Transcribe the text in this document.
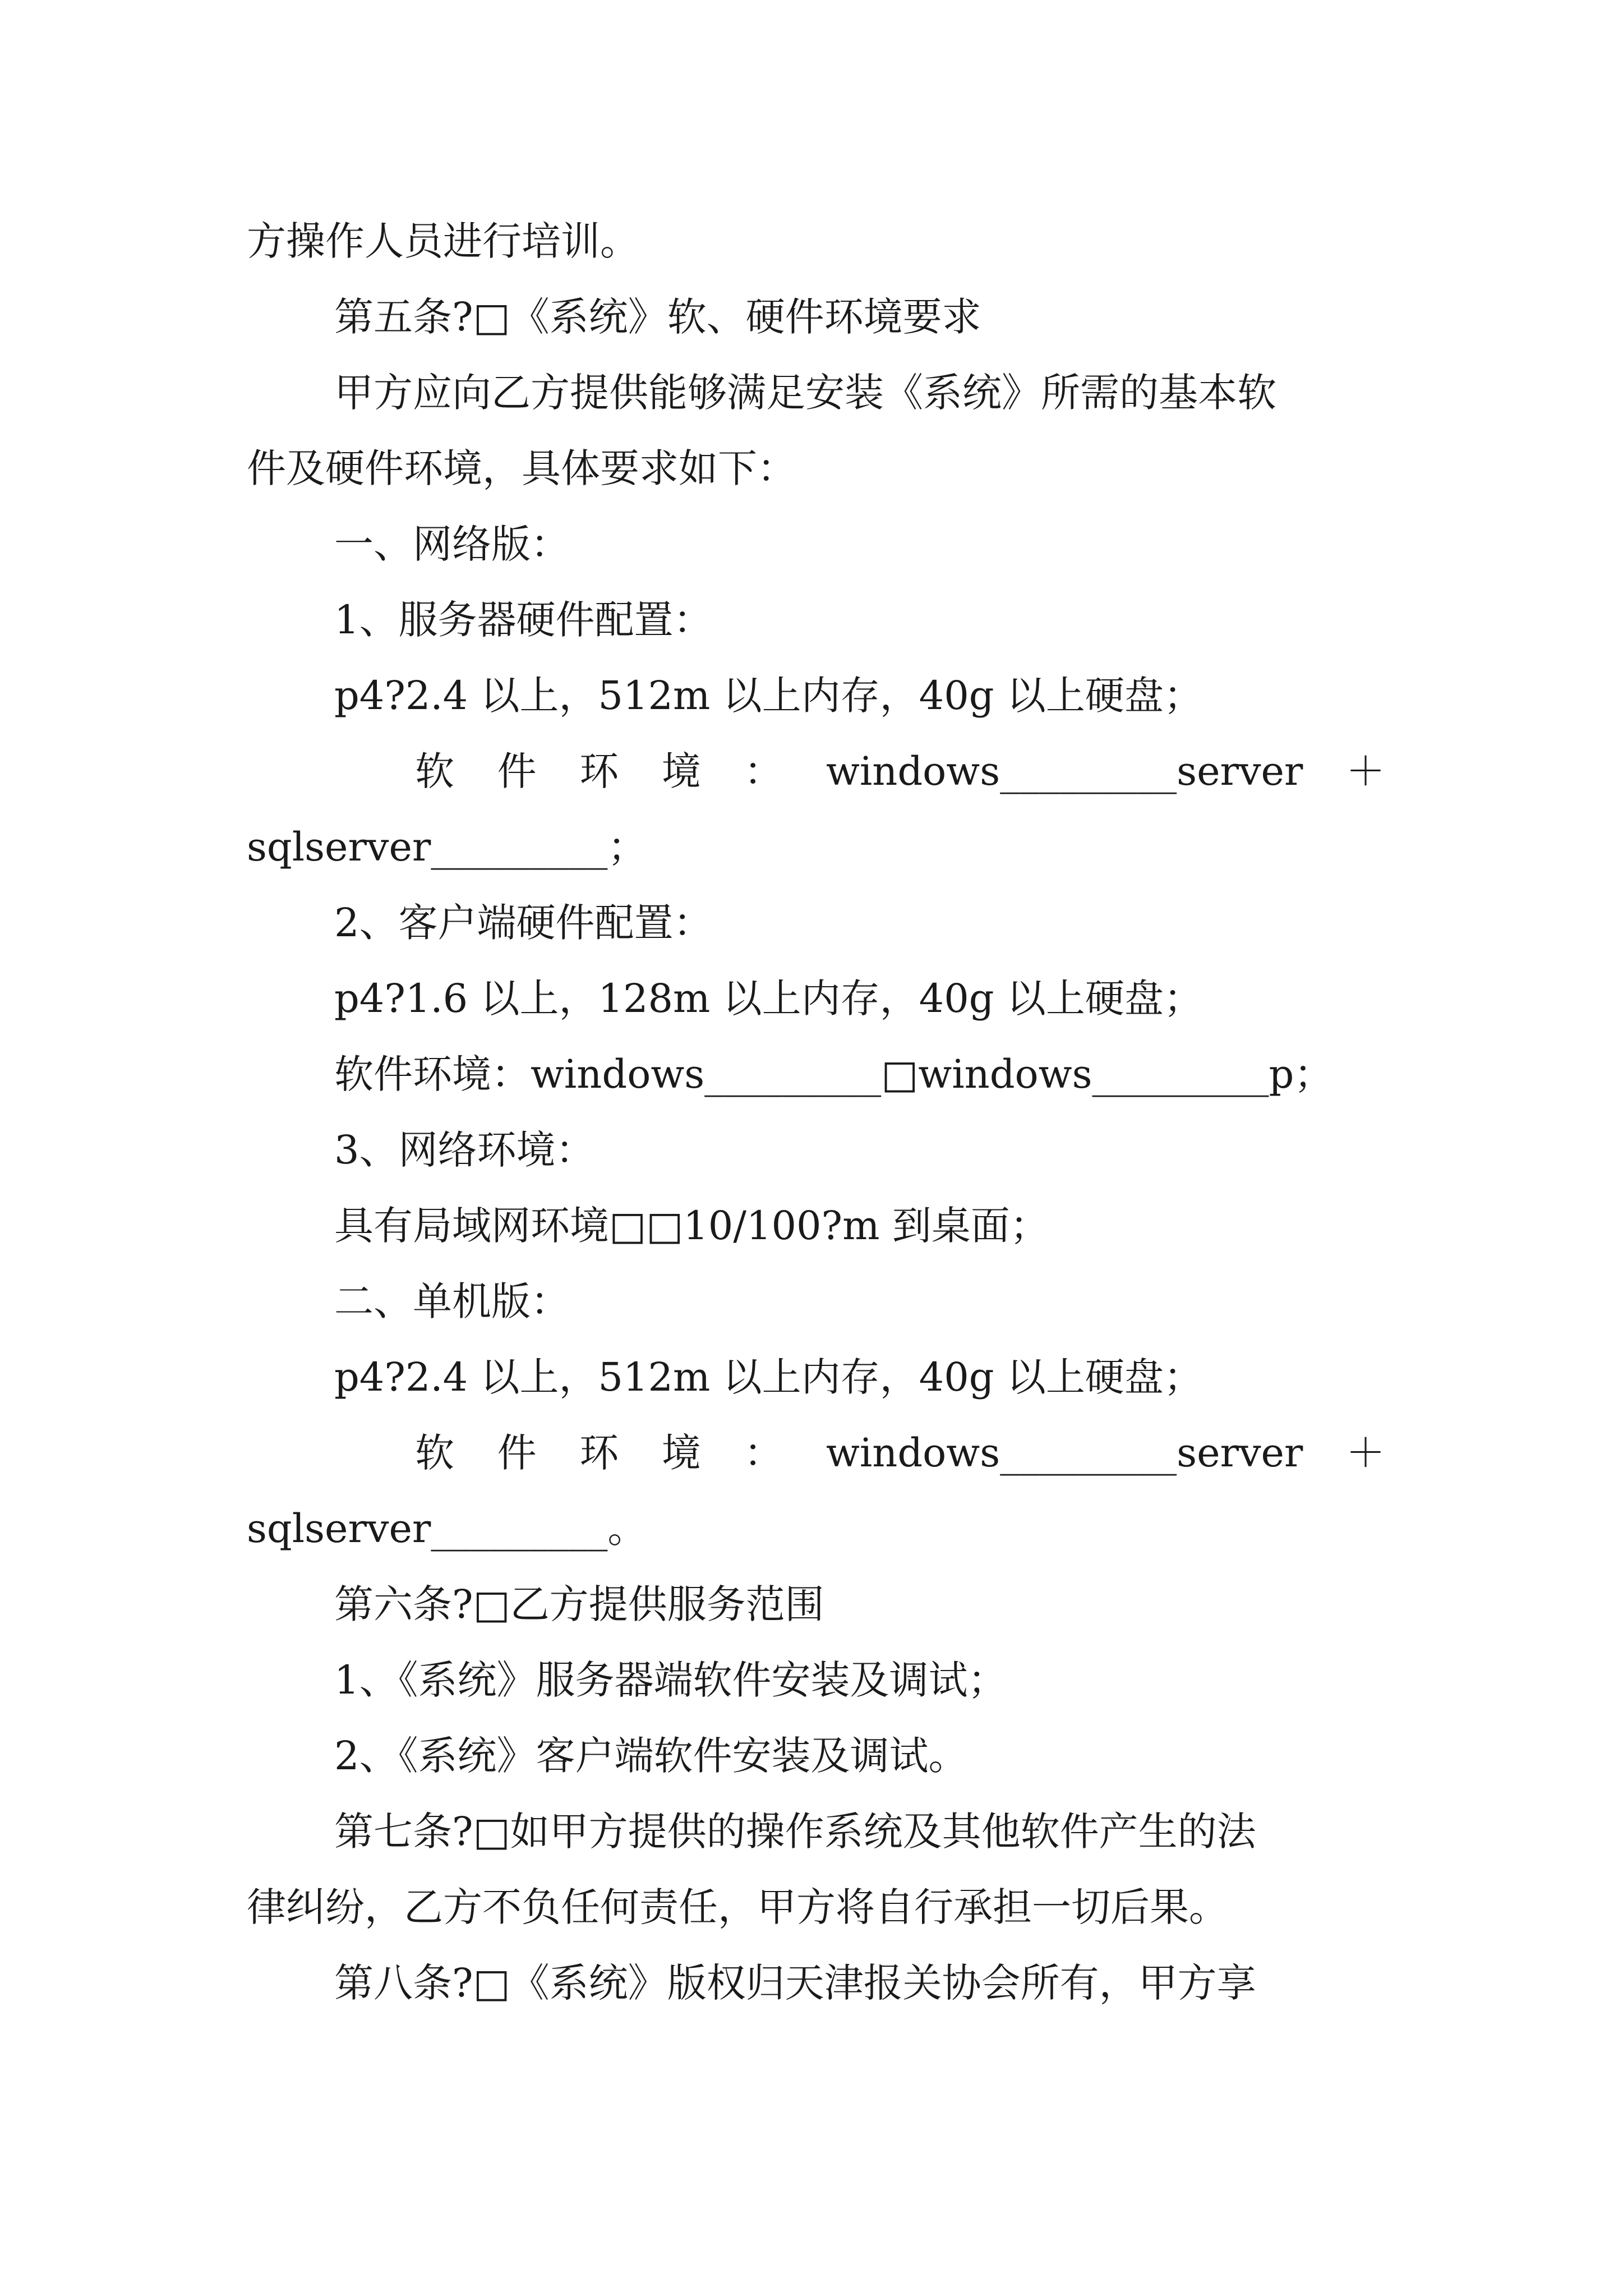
方操作人员进行培训。
第五条?□《系统》软、硬件环境要求
甲方应向乙方提供能够满足安装《系统》所需的基本软
件及硬件环境，具体要求如下：
一、网络版：
1、服务器硬件配置：
p4?2.4 以上，512m 以上内存，40g 以上硬盘；
软 件 环 境 ： windows_________server ＋
sqlserver_________；
2、客户端硬件配置：
p4?1.6 以上，128m 以上内存，40g 以上硬盘；
软件环境：windows_________□windows_________p；
3、网络环境：
具有局域网环境□□10/100?m 到桌面；
二、单机版：
p4?2.4 以上，512m 以上内存，40g 以上硬盘；
软 件 环 境 ： windows_________server ＋
sqlserver_________。
第六条?□乙方提供服务范围
1、《系统》服务器端软件安装及调试；
2、《系统》客户端软件安装及调试。
第七条?□如甲方提供的操作系统及其他软件产生的法
律纠纷，乙方不负任何责任，甲方将自行承担一切后果。
第八条?□《系统》版权归天津报关协会所有，甲方享
